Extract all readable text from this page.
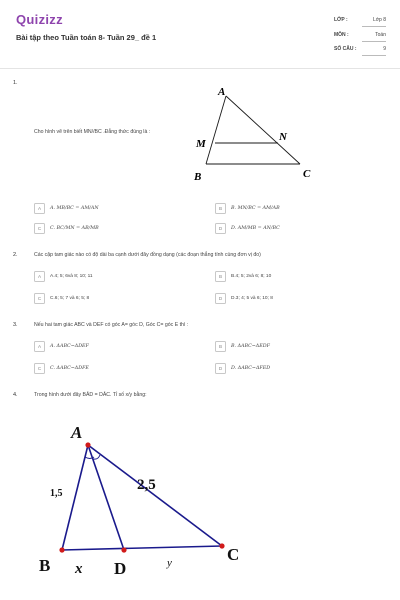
Quizizz
Bài tập theo Tuần toán 8- Tuần 29_ đề 1
LỚP :	Lớp 8
MÔN :	Toán
SỐ CÂU :	9
1.
A
M
N
B	C
Cho hình vẽ trên biết MN//BC .Đẳng thức đúng là :
A	A. MB/BC = AM/AN	B	B. MN/BC = AM/AB
C	C. BC/MN = AB/MB	D	D. AM/MB = AN/BC
2.	Các cặp tam giác nào có độ dài ba cạnh dưới đây đồng dạng (các đoạn thẳng tính cùng đơn vị đo)
A	A.4; 5; 6và 8; 10; 11	B	B.4; 5; 2và 6; 8; 10
C	C.6; 5; 7 và 6; 5; 8	D	D.3; 4; 5 và 6; 10; 8
3.	Nếu hai tam giác ABC và DEF có góc A= góc D, Góc C= góc E thì :
A	A. ΔABC~ΔDEF	B	B. ΔABC~ΔEDF
C	C. ΔABC~ΔDFE	D	D. ΔABC~ΔFED
4.	Trong hình dưới đây BÂD = DÂC. Tỉ số x/y bằng:
A
1,5
2,5
B x D	y	C
